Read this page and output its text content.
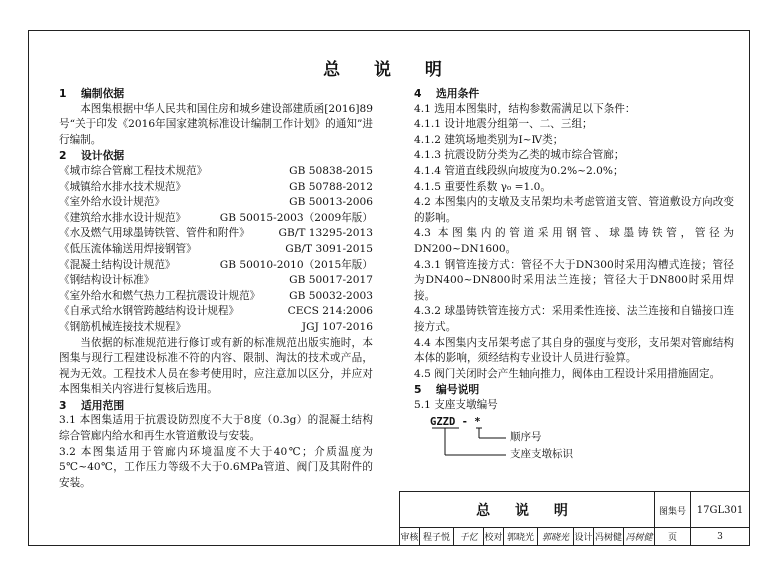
总 说 明
1 编制依据
本图集根据中华人民共和国住房和城乡建设部建质函[2016]89号“关于印发《2016年国家建筑标准设计编制工作计划》的通知”进行编制。
2 设计依据
《城市综合管廊工程技术规范》	GB 50838-2015
《城镇给水排水技术规范》	GB 50788-2012
《室外给水设计规范》	GB 50013-2006
《建筑给水排水设计规范》	GB 50015-2003（2009年版）
《水及燃气用球墨铸铁管、管件和附件》	GB/T 13295-2013
《低压流体输送用焊接钢管》	GB/T 3091-2015
《混凝土结构设计规范》	GB 50010-2010（2015年版）
《钢结构设计标准》	GB 50017-2017
《室外给水和燃气热力工程抗震设计规范》	GB 50032-2003
《自承式给水钢管跨越结构设计规程》	CECS 214:2006
《钢筋机械连接技术规程》	JGJ 107-2016
当依据的标准规范进行修订或有新的标准规范出版实施时，本图集与现行工程建设标准不符的内容、限制、淘汰的技术或产品，视为无效。工程技术人员在参考使用时，应注意加以区分，并应对本图集相关内容进行复核后选用。
3 适用范围
3.1 本图集适用于抗震设防烈度不大于8度（0.3g）的混凝土结构综合管廊内给水和再生水管道敷设与安装。
3.2 本图集适用于管廊内环境温度不大于40℃；介质温度为5℃~40℃，工作压力等级不大于0.6MPa管道、阀门及其附件的安装。
4 选用条件
4.1 选用本图集时，结构参数需满足以下条件：
4.1.1 设计地震分组第一、二、三组；
4.1.2 建筑场地类别为Ⅰ~Ⅳ类；
4.1.3 抗震设防分类为乙类的城市综合管廊；
4.1.4 管道直线段纵向坡度为0.2%~2.0%；
4.1.5 重要性系数 γ₀ =1.0。
4.2 本图集内的支墩及支吊架均未考虑管道支管、管道敷设方向改变的影响。
4.3 本图集内的管道采用钢管、球墨铸铁管，管径为DN200~DN1600。
4.3.1 钢管连接方式：管径不大于DN300时采用沟槽式连接；管径为DN400~DN800时采用法兰连接；管径大于DN800时采用焊接。
4.3.2 球墨铸铁管连接方式：采用柔性连接、法兰连接和自锚接口连接方式。
4.4 本图集内支吊架考虑了其自身的强度与变形，支吊架对管廊结构本体的影响，须经结构专业设计人员进行验算。
4.5 阀门关闭时会产生轴向推力，阀体由工程设计采用措施固定。
5 编号说明
5.1 支座支墩编号
GZZD - *
顺序号
支座支墩标识
总 说 明	图集号	17GL301
审核 程子悦	千忆 校对 郭晓光 郭晓光 设计 冯树健 冯树健	页	3
